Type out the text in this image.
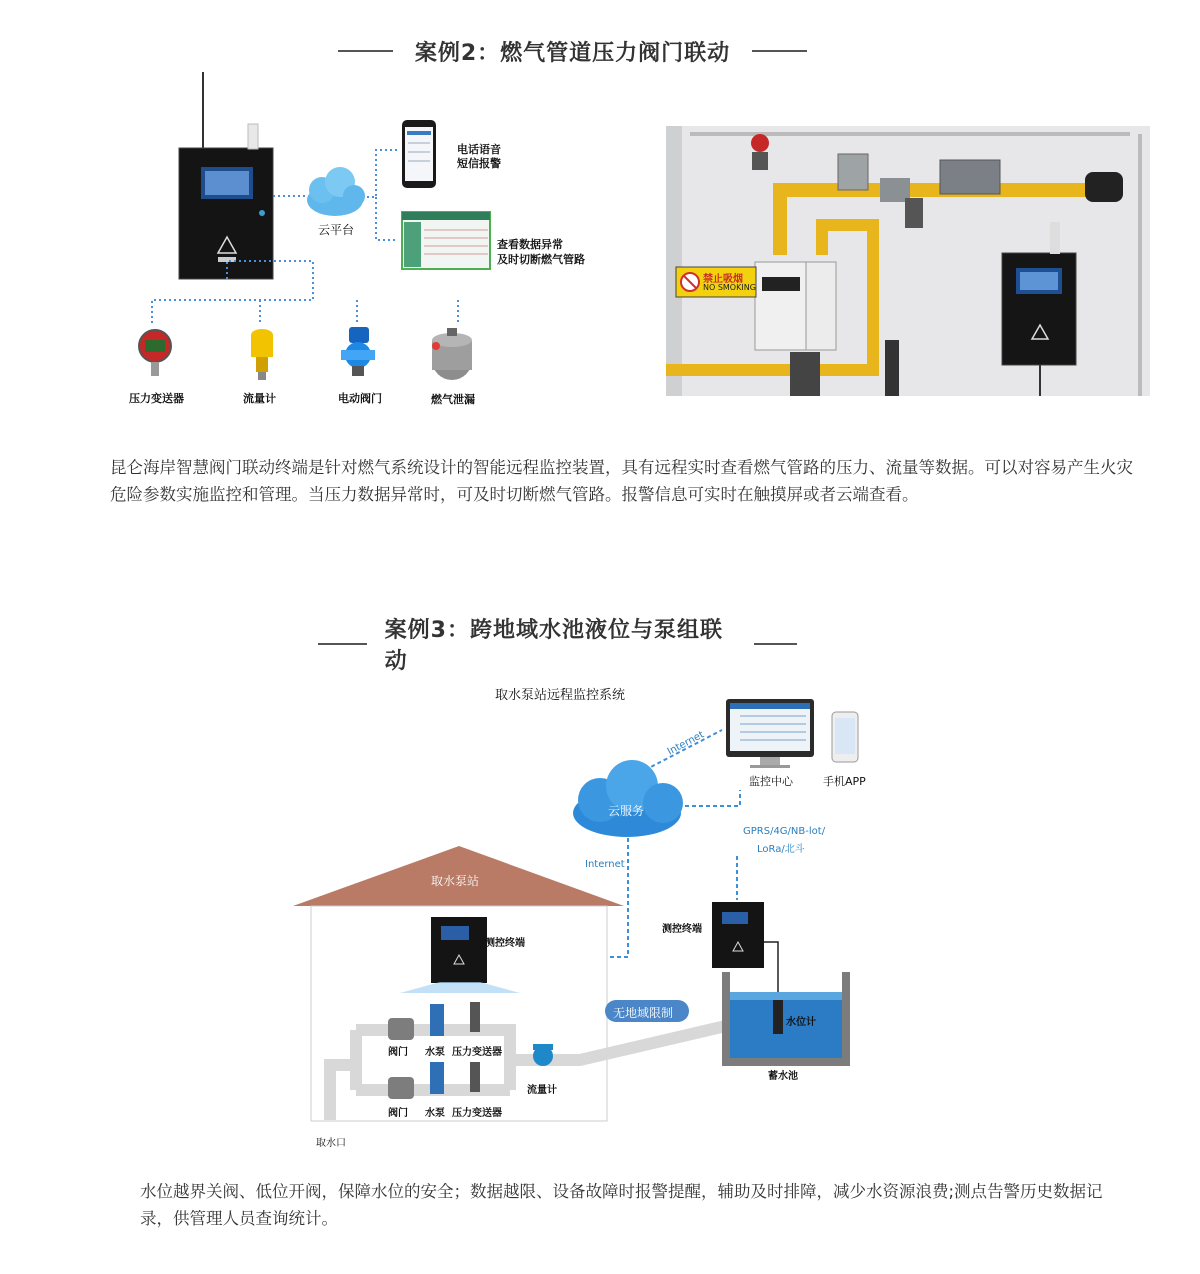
案例2：燃气管道压力阀门联动
云平台
电话语音
短信报警
查看数据异常
及时切断燃气管路
压力变送器	流量计	电动阀门	燃气泄漏
禁止吸烟
NO SMOKING
昆仑海岸智慧阀门联动终端是针对燃气系统设计的智能远程监控装置，具有远程实时查看燃气管路的压力、流量等数据。可以对容易产生火灾危险参数实施监控和管理。当压力数据异常时，可及时切断燃气管路。报警信息可实时在触摸屏或者云端查看。
案例3：跨地域水池液位与泵组联动
取水泵站远程监控系统
监控中心	手机APP
Internet
云服务
GPRS/4G/NB-lot/
LoRa/北斗
Internet
取水泵站
测控终端
测控终端
无地域限制
阀门 水泵 压力变送器
流量计
阀门 水泵 压力变送器
水位计
蓄水池
取水口
水位越界关阀、低位开阀，保障水位的安全；数据越限、设备故障时报警提醒，辅助及时排障，减少水资源浪费;测点告警历史数据记录，供管理人员查询统计。
